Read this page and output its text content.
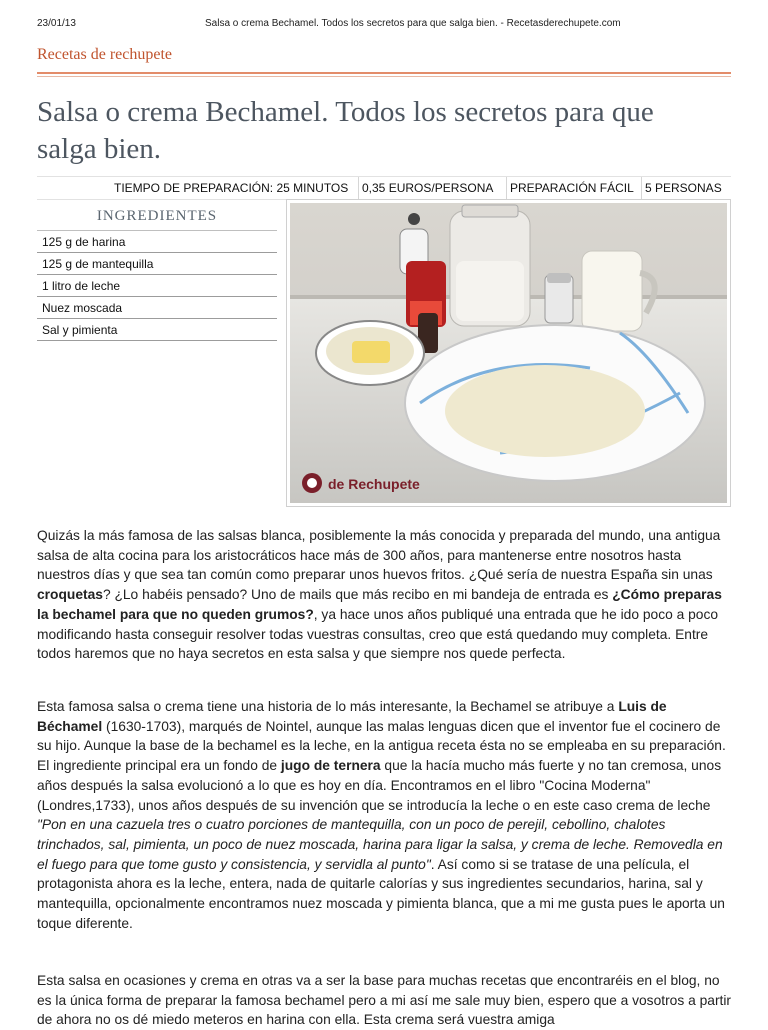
23/01/13	Salsa o crema Bechamel. Todos los secretos para que salga bien. - Recetasderechupete.com
Recetas de rechupete
Salsa o crema Bechamel. Todos los secretos para que salga bien.
TIEMPO DE PREPARACIÓN: 25 MINUTOS	0,35 EUROS/PERSONA	PREPARACIÓN FÁCIL 5 PERSONAS
INGREDIENTES
125 g de harina
125 g de mantequilla
1 litro de leche
Nuez moscada
Sal y pimienta
de Rechupete

Quizás la más famosa de las salsas blanca, posiblemente la más conocida y preparada del mundo, una antigua salsa de alta cocina para los aristocráticos hace más de 300 años, para mantenerse entre nosotros hasta nuestros días y que sea tan común como preparar unos huevos fritos. ¿Qué sería de nuestra España sin unas croquetas? ¿Lo habéis pensado? Uno de mails que más recibo en mi bandeja de entrada es ¿Cómo preparas la bechamel para que no queden grumos?, ya hace unos años publiqué una entrada que he ido poco a poco modificando hasta conseguir resolver todas vuestras consultas, creo que está quedando muy completa. Entre todos haremos que no haya secretos en esta salsa y que siempre nos quede perfecta.

Esta famosa salsa o crema tiene una historia de lo más interesante, la Bechamel se atribuye a Luis de Béchamel (1630-1703), marqués de Nointel, aunque las malas lenguas dicen que el inventor fue el cocinero de su hijo. Aunque la base de la bechamel es la leche, en la antigua receta ésta no se empleaba en su preparación. El ingrediente principal era un fondo de jugo de ternera que la hacía mucho más fuerte y no tan cremosa, unos años después la salsa evolucionó a lo que es hoy en día. Encontramos en el libro "Cocina Moderna" (Londres,1733), unos años después de su invención que se introducía la leche o en este caso crema de leche "Pon en una cazuela tres o cuatro porciones de mantequilla, con un poco de perejil, cebollino, chalotes trinchados, sal, pimienta, un poco de nuez moscada, harina para ligar la salsa, y crema de leche. Removedla en el fuego para que tome gusto y consistencia, y servidla al punto". Así como si se tratase de una película, el protagonista ahora es la leche, entera, nada de quitarle calorías y sus ingredientes secundarios, harina, sal y mantequilla, opcionalmente encontramos nuez moscada y pimienta blanca, que a mi me gusta pues le aporta un toque diferente.

Esta salsa en ocasiones y crema en otras va a ser la base para muchas recetas que encontraréis en el blog, no es la única forma de preparar la famosa bechamel pero a mi así me sale muy bien, espero que a vosotros a partir de ahora no os dé miedo meteros en harina con ella. Esta crema será vuestra amiga
